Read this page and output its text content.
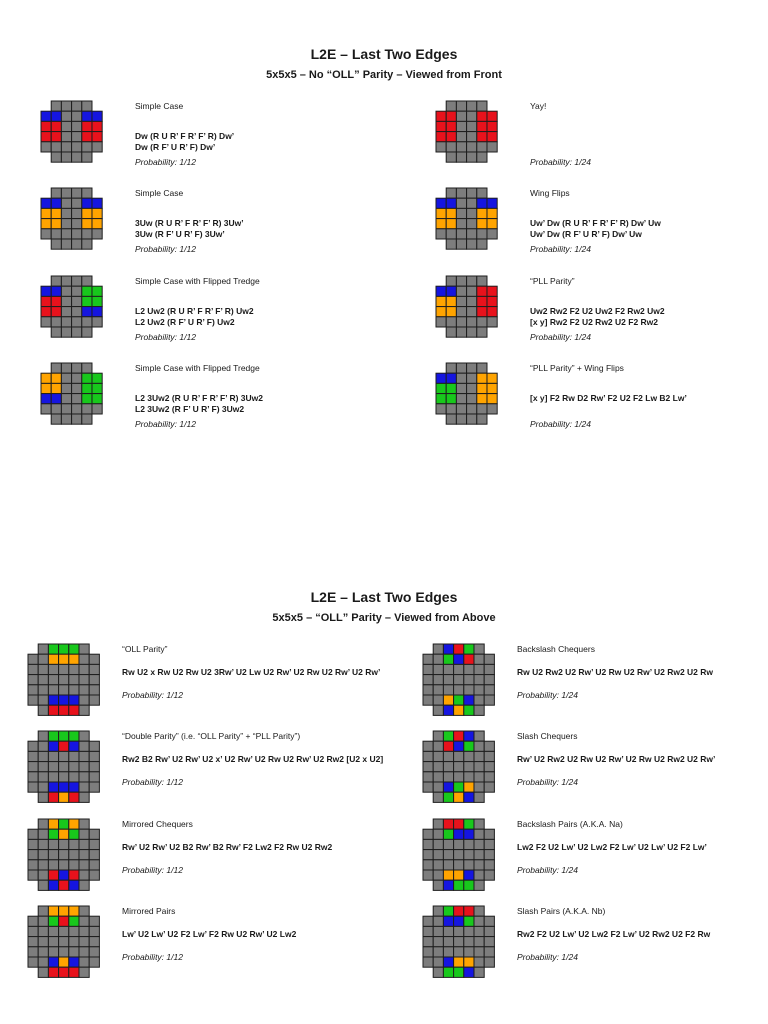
L2E – Last Two Edges
5x5x5 – No “OLL” Parity – Viewed from Front
Simple Case
Dw (R U R’ F R’ F’ R) Dw’
Dw (R F’ U R’ F) Dw’
Probability: 1/12
Yay!
Probability: 1/24
Simple Case
3Uw (R U R’ F R’ F’ R) 3Uw’
3Uw (R F’ U R’ F) 3Uw’
Probability: 1/12
Wing Flips
Uw’ Dw (R U R’ F R’ F’ R) Dw’ Uw
Uw’ Dw (R F’ U R’ F) Dw’ Uw
Probability: 1/24
Simple Case with Flipped Tredge
L2 Uw2 (R U R’ F R’ F’ R) Uw2
L2 Uw2 (R F’ U R’ F) Uw2
Probability: 1/12
“PLL Parity”
Uw2 Rw2 F2 U2 Uw2 F2 Rw2 Uw2
[x y] Rw2 F2 U2 Rw2 U2 F2 Rw2
Probability: 1/24
Simple Case with Flipped Tredge
L2 3Uw2 (R U R’ F R’ F’ R) 3Uw2
L2 3Uw2 (R F’ U R’ F) 3Uw2
Probability: 1/12
“PLL Parity” + Wing Flips
[x y] F2 Rw D2 Rw’ F2 U2 F2 Lw B2 Lw’
Probability: 1/24
L2E – Last Two Edges
5x5x5 – “OLL” Parity – Viewed from Above
“OLL Parity”
Rw U2 x Rw U2 Rw U2 3Rw’ U2 Lw U2 Rw’ U2 Rw U2 Rw’ U2 Rw’
Probability: 1/12
Backslash Chequers
Rw U2 Rw2 U2 Rw’ U2 Rw U2 Rw’ U2 Rw2 U2 Rw
Probability: 1/24
“Double Parity” (i.e. “OLL Parity” + “PLL Parity”)
Rw2 B2 Rw’ U2 Rw’ U2 x’ U2 Rw’ U2 Rw U2 Rw’ U2 Rw2 [U2 x U2]
Probability: 1/12
Slash Chequers
Rw’ U2 Rw2 U2 Rw U2 Rw’ U2 Rw U2 Rw2 U2 Rw’
Probability: 1/24
Mirrored Chequers
Rw’ U2 Rw’ U2 B2 Rw’ B2 Rw’ F2 Lw2 F2 Rw U2 Rw2
Probability: 1/12
Backslash Pairs (A.K.A. Na)
Lw2 F2 U2 Lw’ U2 Lw2 F2 Lw’ U2 Lw’ U2 F2 Lw’
Probability: 1/24
Mirrored Pairs
Lw’ U2 Lw’ U2 F2 Lw’ F2 Rw U2 Rw’ U2 Lw2
Probability: 1/12
Slash Pairs (A.K.A. Nb)
Rw2 F2 U2 Lw’ U2 Lw2 F2 Lw’ U2 Rw2 U2 F2 Rw
Probability: 1/24
